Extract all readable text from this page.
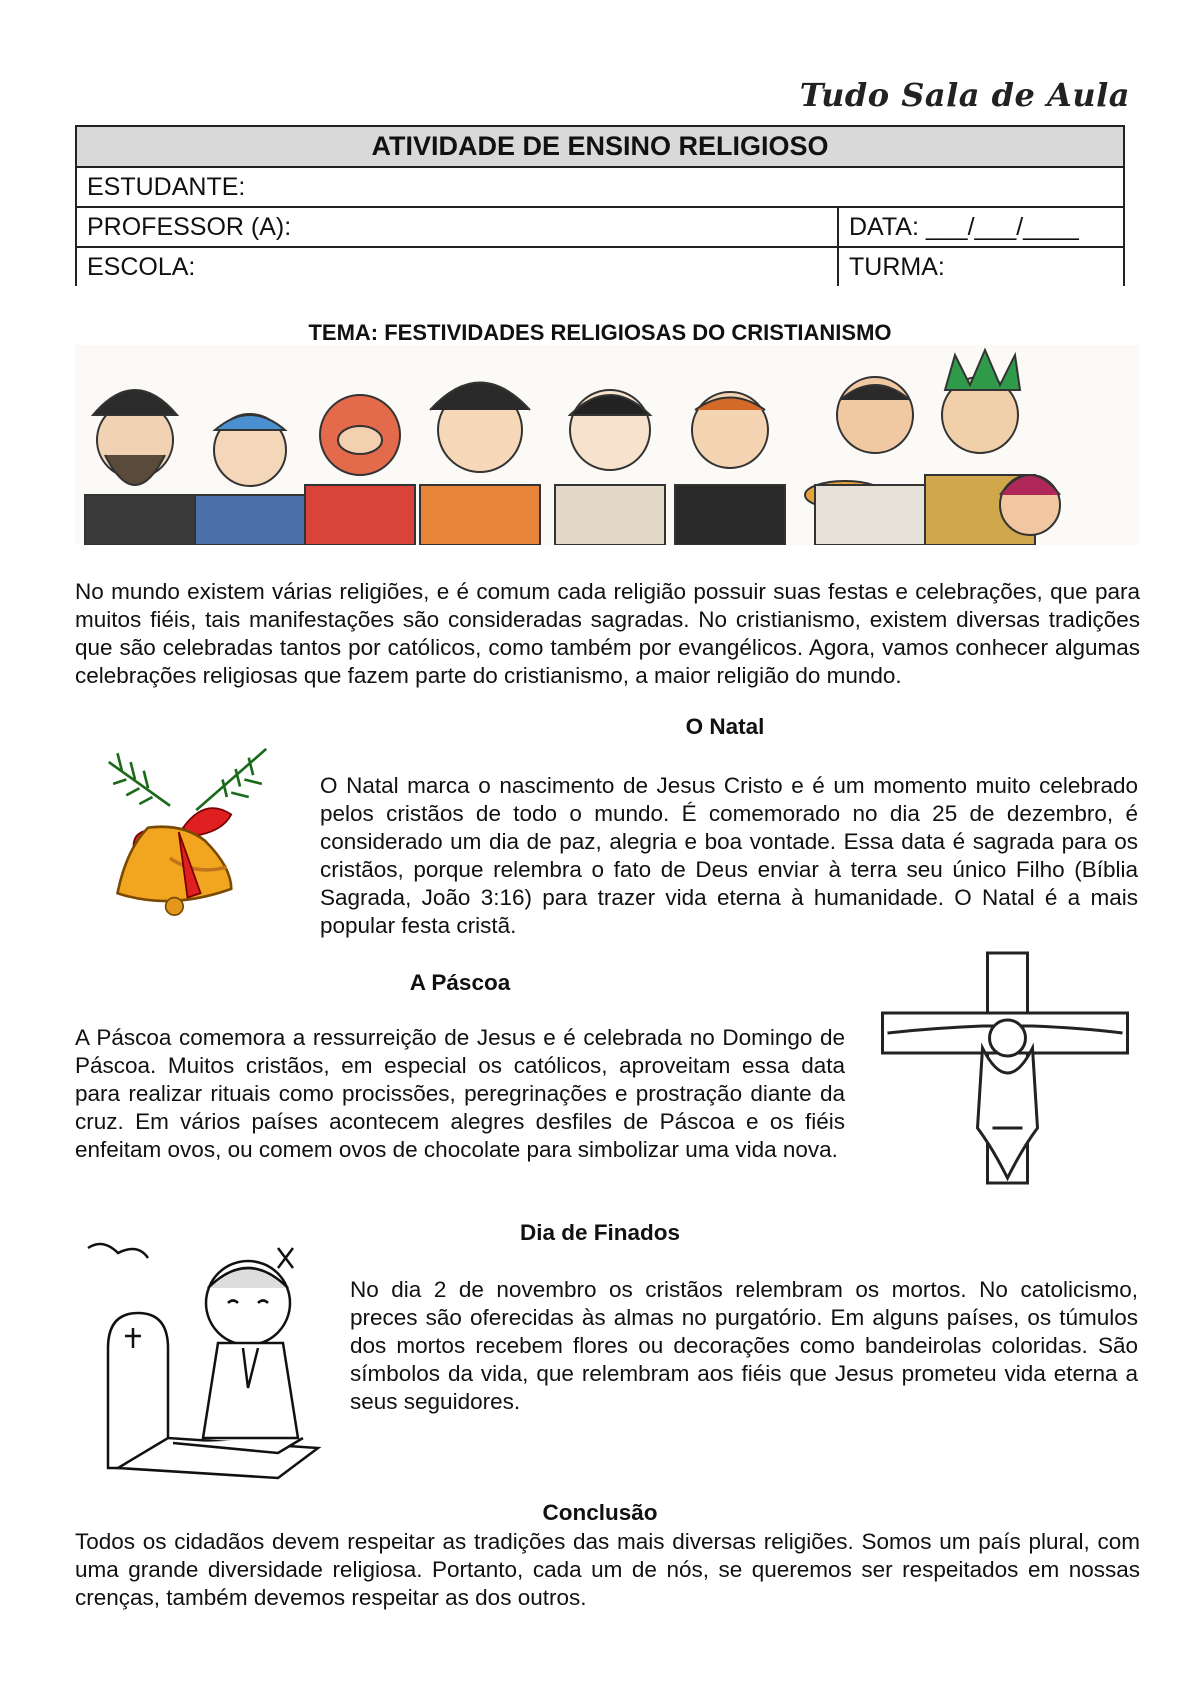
Tudo Sala de Aula
ATIVIDADE DE ENSINO RELIGIOSO	
ESTUDANTE:	
PROFESSOR (A):	DATA: ___/___/____
ESCOLA:	TURMA:
TEMA: FESTIVIDADES RELIGIOSAS DO CRISTIANISMO

No mundo existem várias religiões, e é comum cada religião possuir suas festas e celebrações, que para muitos fiéis, tais manifestações são consideradas sagradas. No cristianismo, existem diversas tradições que são celebradas tantos por católicos, como também por evangélicos. Agora, vamos conhecer algumas celebrações religiosas que fazem parte do cristianismo, a maior religião do mundo.

O Natal

O Natal marca o nascimento de Jesus Cristo e é um momento muito celebrado pelos cristãos de todo o mundo. É comemorado no dia 25 de dezembro, é considerado um dia de paz, alegria e boa vontade. Essa data é sagrada para os cristãos, porque relembra o fato de Deus enviar à terra seu único Filho (Bíblia Sagrada, João 3:16) para trazer vida eterna à humanidade. O Natal é a mais popular festa cristã.

A Páscoa

A Páscoa comemora a ressurreição de Jesus e é celebrada no Domingo de Páscoa. Muitos cristãos, em especial os católicos, aproveitam essa data para realizar rituais como procissões, peregrinações e prostração diante da cruz. Em vários países acontecem alegres desfiles de Páscoa e os fiéis enfeitam ovos, ou comem ovos de chocolate para simbolizar uma vida nova.

Dia de Finados

No dia 2 de novembro os cristãos relembram os mortos. No catolicismo, preces são oferecidas às almas no purgatório. Em alguns países, os túmulos dos mortos recebem flores ou decorações como bandeirolas coloridas. São símbolos da vida, que relembram aos fiéis que Jesus prometeu vida eterna a seus seguidores.

Conclusão

Todos os cidadãos devem respeitar as tradições das mais diversas religiões. Somos um país plural, com uma grande diversidade religiosa. Portanto, cada um de nós, se queremos ser respeitados em nossas crenças, também devemos respeitar as dos outros.
